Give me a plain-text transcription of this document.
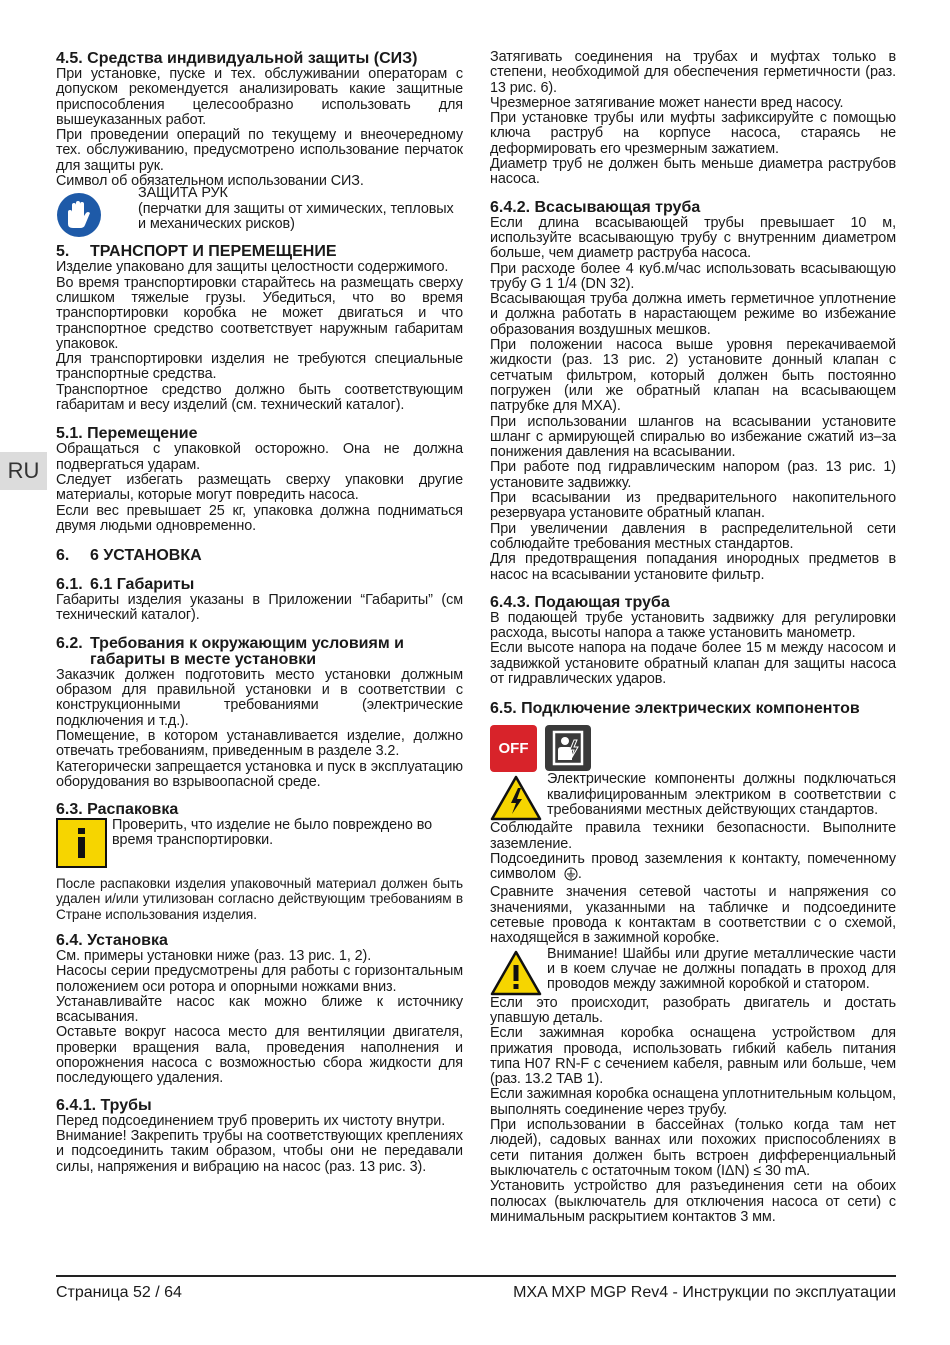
RU
4.5. Средства индивидуальной защиты (СИЗ)

При установке, пуске и тех. обслуживании операторам с допуском рекомендуется анализировать какие защитные приспособления целесообразно использовать для вышеуказанных работ.

При проведении операций по текущему и внеочередному тех. обслуживанию, предусмотрено использование перчаток для защиты рук.

Символ об обязательном использовании СИЗ.

ЗАЩИТА РУК

(перчатки для защиты от химических, тепловых и механических рисков)

5.	ТРАНСПОРТ И ПЕРЕМЕЩЕНИЕ

Изделие упаковано для защиты целостности содержимого.

Во время транспортировки старайтесь на размещать сверху слишком тяжелые грузы. Убедиться, что во время транспортировки коробка не может двигаться и что транспортное средство соответствует наружным габаритам упаковок.

Для транспортировки изделия не требуются специальные транспортные средства.

Транспортное средство должно быть соответствующим габаритам и весу изделий (см. технический каталог).

5.1. Перемещение

Обращаться с упаковкой осторожно. Она не должна подвергаться ударам.

Следует избегать размещать сверху упаковки другие материалы, которые могут повредить насоса.

Если вес превышает 25 кг, упаковка должна подниматься двумя людьми одновременно.

6.	6 УСТАНОВКА
6.1. 6.1 Габариты

Габариты изделия указаны в Приложении “Габариты” (см технический каталог).

6.2. Требования к окружающим условиям и габариты в месте установки

Заказчик должен подготовить место установки должным образом для правильной установки и в соответствии с конструкционными требованиями (электрические подключения и т.д.).

Помещение, в котором устанавливается изделие, должно отвечать требованиям, приведенным в разделе 3.2.

Категорически запрещается установка и пуск в эксплуатацию оборудования во взрывоопасной среде.

6.3. Распаковка

Проверить, что изделие не было повреждено во время транспортировки.

После распаковки изделия упаковочный материал должен быть удален и/или утилизован согласно действующим требованиям в Стране использования изделия.

6.4. Установка

См. примеры установки ниже (раз. 13 рис. 1, 2).

Насосы серии предусмотрены для работы с горизонтальным положением оси ротора и опорными ножками вниз.

Устанавливайте насос как можно ближе к источнику всасывания.

Оставьте вокруг насоса место для вентиляции двигателя, проверки вращения вала, проведения наполнения и опорожнения насоса с возможностью сбора жидкости для последующего удаления.

6.4.1. Трубы

Перед подсоединением труб проверить их чистоту внутри.

Внимание! Закрепить трубы на соответствующих креплениях и подсоединить таким образом, чтобы они не передавали силы, напряжения и вибрацию на насос (раз. 13 рис. 3).

Затягивать соединения на трубах и муфтах только в степени, необходимой для обеспечения герметичности (раз. 13 рис. 6).

Чрезмерное затягивание может нанести вред насосу.

При установке трубы или муфты зафиксируйте с помощью ключа раструб на корпусе насоса, стараясь не деформировать его чрезмерным зажатием.

Диаметр труб не должен быть меньше диаметра раструбов насоса.

6.4.2. Всасывающая труба

Если длина всасывающей трубы превышает 10 м, используйте всасывающую трубу с внутренним диаметром больше, чем диаметр раструба насоса.

При расходе более 4 куб.м/час использовать всасывающую трубу G 1 1/4 (DN 32).

Всасывающая труба должна иметь герметичное уплотнение и должна работать в нарастающем режиме во избежание образования воздушных мешков.

При положении насоса выше уровня перекачиваемой жидкости (раз. 13 рис. 2) установите донный клапан с сетчатым фильтром, который должен быть постоянно погружен (или же обратный клапан на всасывающем патрубке для MXA).

При использовании шлангов на всасывании установите шланг с армирующей спиралью во избежание сжатий из–за понижения давления на всасывании.

При работе под гидравлическим напором (раз. 13 рис. 1) установите задвижку.

При всасывании из предварительного накопительного резервуара установите обратный клапан.

При увеличении давления в распределительной сети соблюдайте требования местных стандартов.

Для предотвращения попадания инородных предметов в насос на всасывании установите фильтр.

6.4.3. Подающая труба

В подающей трубе установить задвижку для регулировки расхода, высоты напора а также установить манометр.

Если высоте напора на подаче более 15 м между насосом и задвижкой установите обратный клапан для защиты насоса от гидравлических ударов.

6.5. Подключение электрических компонентов
OFF

Электрические компоненты должны подключаться квалифицированным электриком в соответствии с требованиями местных действующих стандартов.

Соблюдайте правила техники безопасности. Выполните заземление.

Подсоединить провод заземления к контакту, помеченному символом .

Сравните значения сетевой частоты и напряжения со значениями, указанными на табличке и подсоедините сетевые провода к контактам в соответствии с о схемой, находящейся в зажимной коробке.

Внимание! Шайбы или другие металлические части и в коем случае не должны попадать в проход для проводов между зажимной коробкой и статором.

Если это происходит, разобрать двигатель и достать упавшую деталь.

Если зажимная коробка оснащена устройством для прижатия провода, использовать гибкий кабель питания типа H07 RN-F с сечением кабеля, равным или больше, чем (раз. 13.2 TAB 1).

Если зажимная коробка оснащена уплотнительным кольцом, выполнять соединение через трубу.

При использовании в бассейнах (только когда там нет людей), садовых ваннах или похожих приспособлениях в сети питания должен быть встроен дифференциальный выключатель с остаточным током (IΔN) ≤ 30 mA.

Установить устройство для разъединения сети на обоих полюсах (выключатель для отключения насоса от сети) с минимальным раскрытием контактов 3 мм.

Страница 52 / 64	MXA MXP MGP Rev4 - Инструкции по эксплуатации
